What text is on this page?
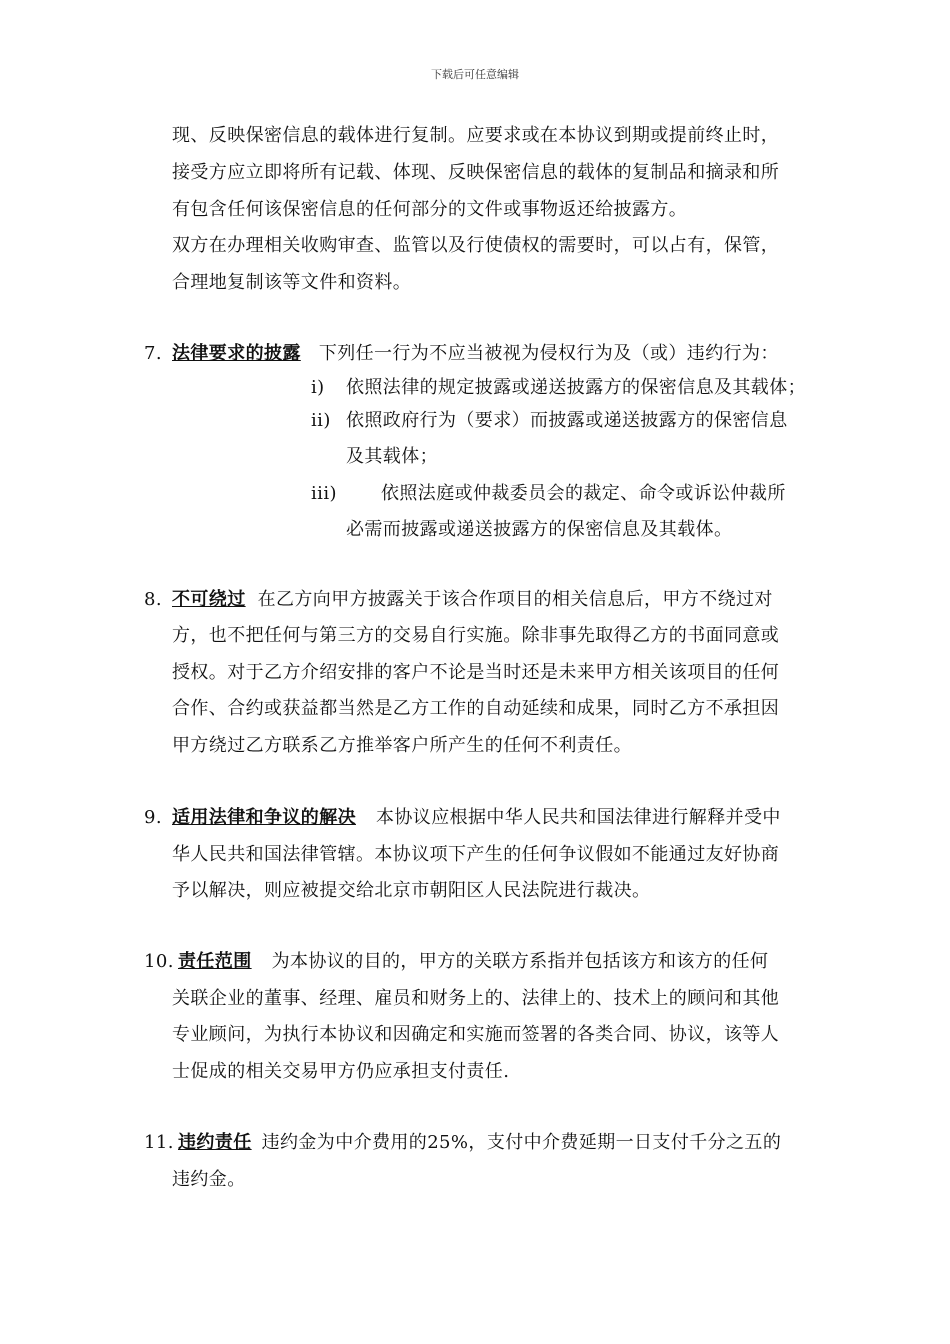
下载后可任意编辑
现、反映保密信息的载体进行复制。应要求或在本协议到期或提前终止时，
接受方应立即将所有记载、体现、反映保密信息的载体的复制品和摘录和所
有包含任何该保密信息的任何部分的文件或事物返还给披露方。
双方在办理相关收购审查、监管以及行使债权的需要时，可以占有，保管，
合理地复制该等文件和资料。
7. 法律要求的披露 下列任一行为不应当被视为侵权行为及（或）违约行为：
i) 依照法律的规定披露或递送披露方的保密信息及其载体；
ii) 依照政府行为（要求）而披露或递送披露方的保密信息
及其载体；
iii) 依照法庭或仲裁委员会的裁定、命令或诉讼仲裁所
必需而披露或递送披露方的保密信息及其载体。
8. 不可绕过 在乙方向甲方披露关于该合作项目的相关信息后，甲方不绕过对
方，也不把任何与第三方的交易自行实施。除非事先取得乙方的书面同意或
授权。对于乙方介绍安排的客户不论是当时还是未来甲方相关该项目的任何
合作、合约或获益都当然是乙方工作的自动延续和成果，同时乙方不承担因
甲方绕过乙方联系乙方推举客户所产生的任何不利责任。
9. 适用法律和争议的解决 本协议应根据中华人民共和国法律进行解释并受中
华人民共和国法律管辖。本协议项下产生的任何争议假如不能通过友好协商
予以解决，则应被提交给北京市朝阳区人民法院进行裁决。
10. 责任范围 为本协议的目的，甲方的关联方系指并包括该方和该方的任何
关联企业的董事、经理、雇员和财务上的、法律上的、技术上的顾问和其他
专业顾问，为执行本协议和因确定和实施而签署的各类合同、协议，该等人
士促成的相关交易甲方仍应承担支付责任.
11. 违约责任 违约金为中介费用的25%，支付中介费延期一日支付千分之五的
违约金。
